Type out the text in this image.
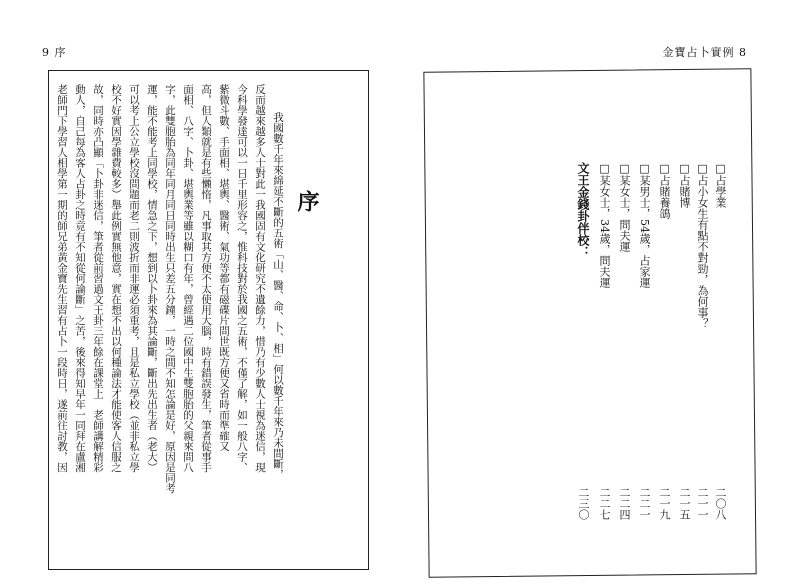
9 序
序
我國數千年來綿延不斷的五術「山、醫、命、卜、相」何以數千年來乃未間斷，
反而越來越多人士對此一我國固有文化研究不遺餘力，惜乃有少數人士視為迷信，現
今科學發達可以一日千里形容之，惟科技對於我國之五術，不僅了解，如一般八字、
紫微斗數、手面相、堪輿、醫術、氣功等都有磁碟片問世既方便又省時而準確又
高，但人類就是有些懶惰，凡事取其方便不太使用大腦，時有錯誤發生，筆者從事手
面相、八字、卜卦、堪輿業等雖以糊口有年，曾經遇二位國中生雙胞胎的父親來問八
字，此雙胞胎為同年同月同日同時出生只差五分鐘，一時之間不知怎論是好，原因是同考
運，能不能考上同學校，情急之下，想到以卜卦來為其論斷，斷出先出生者（老大）
可以考上公立學校沒問題而老二則波折而非運必須重考，且是私立學校（並非私立學
校不好實因學雜費較多）舉此例實無他意，實在想不出以何種論法才能使客人信服之
故，同時亦凸顯「卜卦非迷信，筆者從前習過文王卦三年餘在課堂上　老師講解精彩
動人，自己每為客人占卦之時竟有不知從何論斷」之苦，後來得知早年一同拜在盧湘
老師門下學習人相學第一期的師兄弟黃金寶先生習有占卜一段時日，遂前往討教，因
金寶占卜實例 8
□占學業
二〇八
□占小女生有點不對勁，為何事？
二一一
□占賭博
二一五
□占賭養鴿
二一九
□某男士，54歲，占家運
二二一
□某女士，問夫運
二二四
□某女士，34歲，問夫運
二二七
文王金錢卦伴校：
二三〇
